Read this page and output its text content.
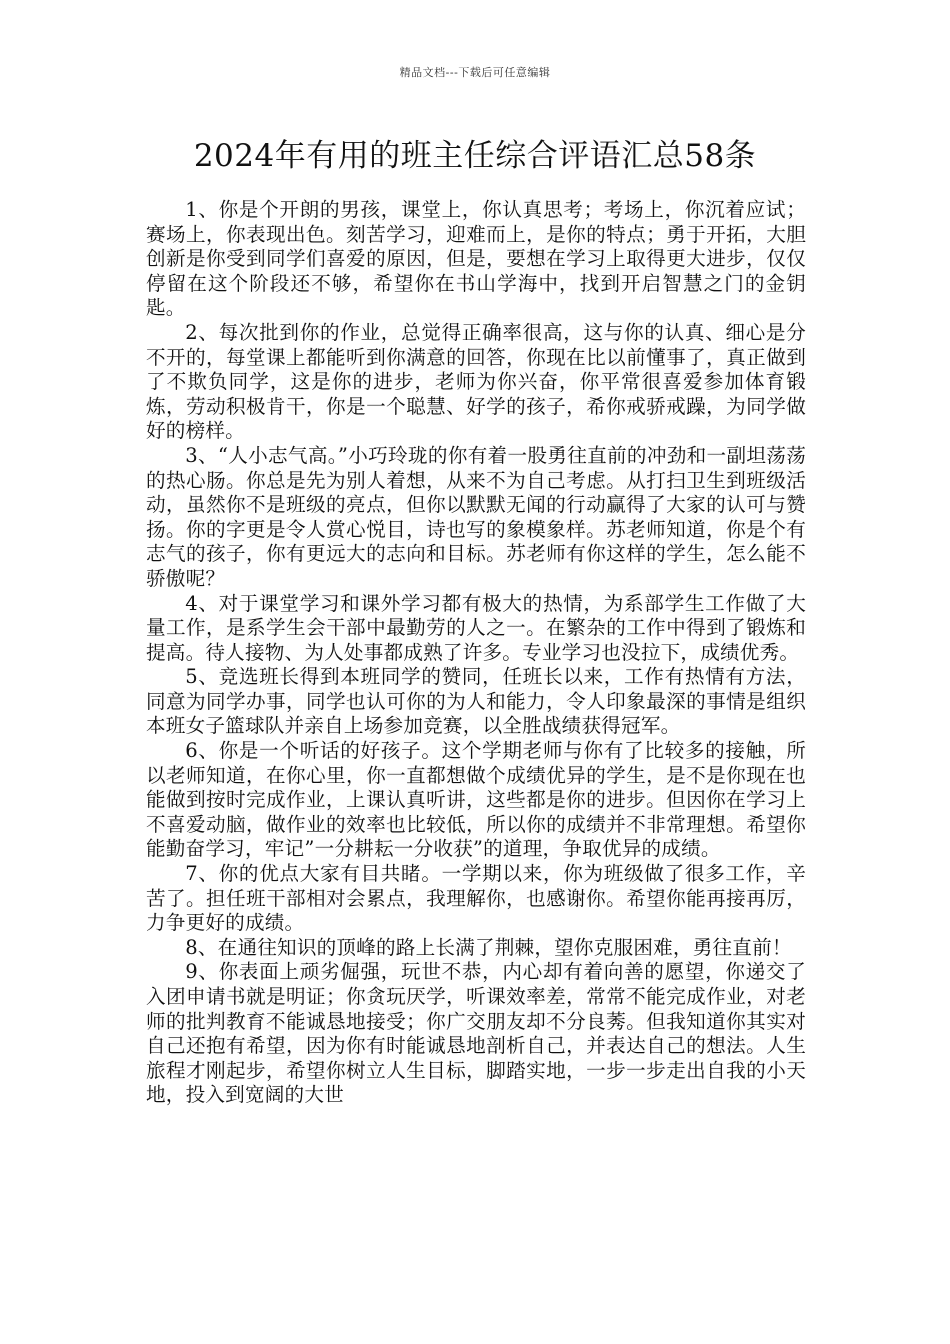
精品文档---下载后可任意编辑
2024年有用的班主任综合评语汇总58条

1、你是个开朗的男孩，课堂上，你认真思考；考场上，你沉着应试；赛场上，你表现出色。刻苦学习，迎难而上，是你的特点；勇于开拓，大胆创新是你受到同学们喜爱的原因，但是，要想在学习上取得更大进步，仅仅停留在这个阶段还不够，希望你在书山学海中，找到开启智慧之门的金钥匙。

2、每次批到你的作业，总觉得正确率很高，这与你的认真、细心是分不开的，每堂课上都能听到你满意的回答，你现在比以前懂事了，真正做到了不欺负同学，这是你的进步，老师为你兴奋，你平常很喜爱参加体育锻炼，劳动积极肯干，你是一个聪慧、好学的孩子，希你戒骄戒躁，为同学做好的榜样。

3、“人小志气高。”小巧玲珑的你有着一股勇往直前的冲劲和一副坦荡荡的热心肠。你总是先为别人着想，从来不为自己考虑。从打扫卫生到班级活动，虽然你不是班级的亮点，但你以默默无闻的行动赢得了大家的认可与赞扬。你的字更是令人赏心悦目，诗也写的象模象样。苏老师知道，你是个有志气的孩子，你有更远大的志向和目标。苏老师有你这样的学生，怎么能不骄傲呢？

4、对于课堂学习和课外学习都有极大的热情，为系部学生工作做了大量工作，是系学生会干部中最勤劳的人之一。在繁杂的工作中得到了锻炼和提高。待人接物、为人处事都成熟了许多。专业学习也没拉下，成绩优秀。

5、竞选班长得到本班同学的赞同，任班长以来，工作有热情有方法，同意为同学办事，同学也认可你的为人和能力，令人印象最深的事情是组织本班女子篮球队并亲自上场参加竞赛，以全胜战绩获得冠军。

6、你是一个听话的好孩子。这个学期老师与你有了比较多的接触，所以老师知道，在你心里，你一直都想做个成绩优异的学生，是不是你现在也能做到按时完成作业，上课认真听讲，这些都是你的进步。但因你在学习上不喜爱动脑，做作业的效率也比较低，所以你的成绩并不非常理想。希望你能勤奋学习，牢记”一分耕耘一分收获”的道理，争取优异的成绩。

7、你的优点大家有目共睹。一学期以来，你为班级做了很多工作，辛苦了。担任班干部相对会累点，我理解你，也感谢你。希望你能再接再厉，力争更好的成绩。

8、在通往知识的顶峰的路上长满了荆棘，望你克服困难，勇往直前！

9、你表面上顽劣倔强，玩世不恭，内心却有着向善的愿望，你递交了入团申请书就是明证；你贪玩厌学，听课效率差，常常不能完成作业，对老师的批判教育不能诚恳地接受；你广交朋友却不分良莠。但我知道你其实对自己还抱有希望，因为你有时能诚恳地剖析自己，并表达自己的想法。人生旅程才刚起步，希望你树立人生目标，脚踏实地，一步一步走出自我的小天地，投入到宽阔的大世
